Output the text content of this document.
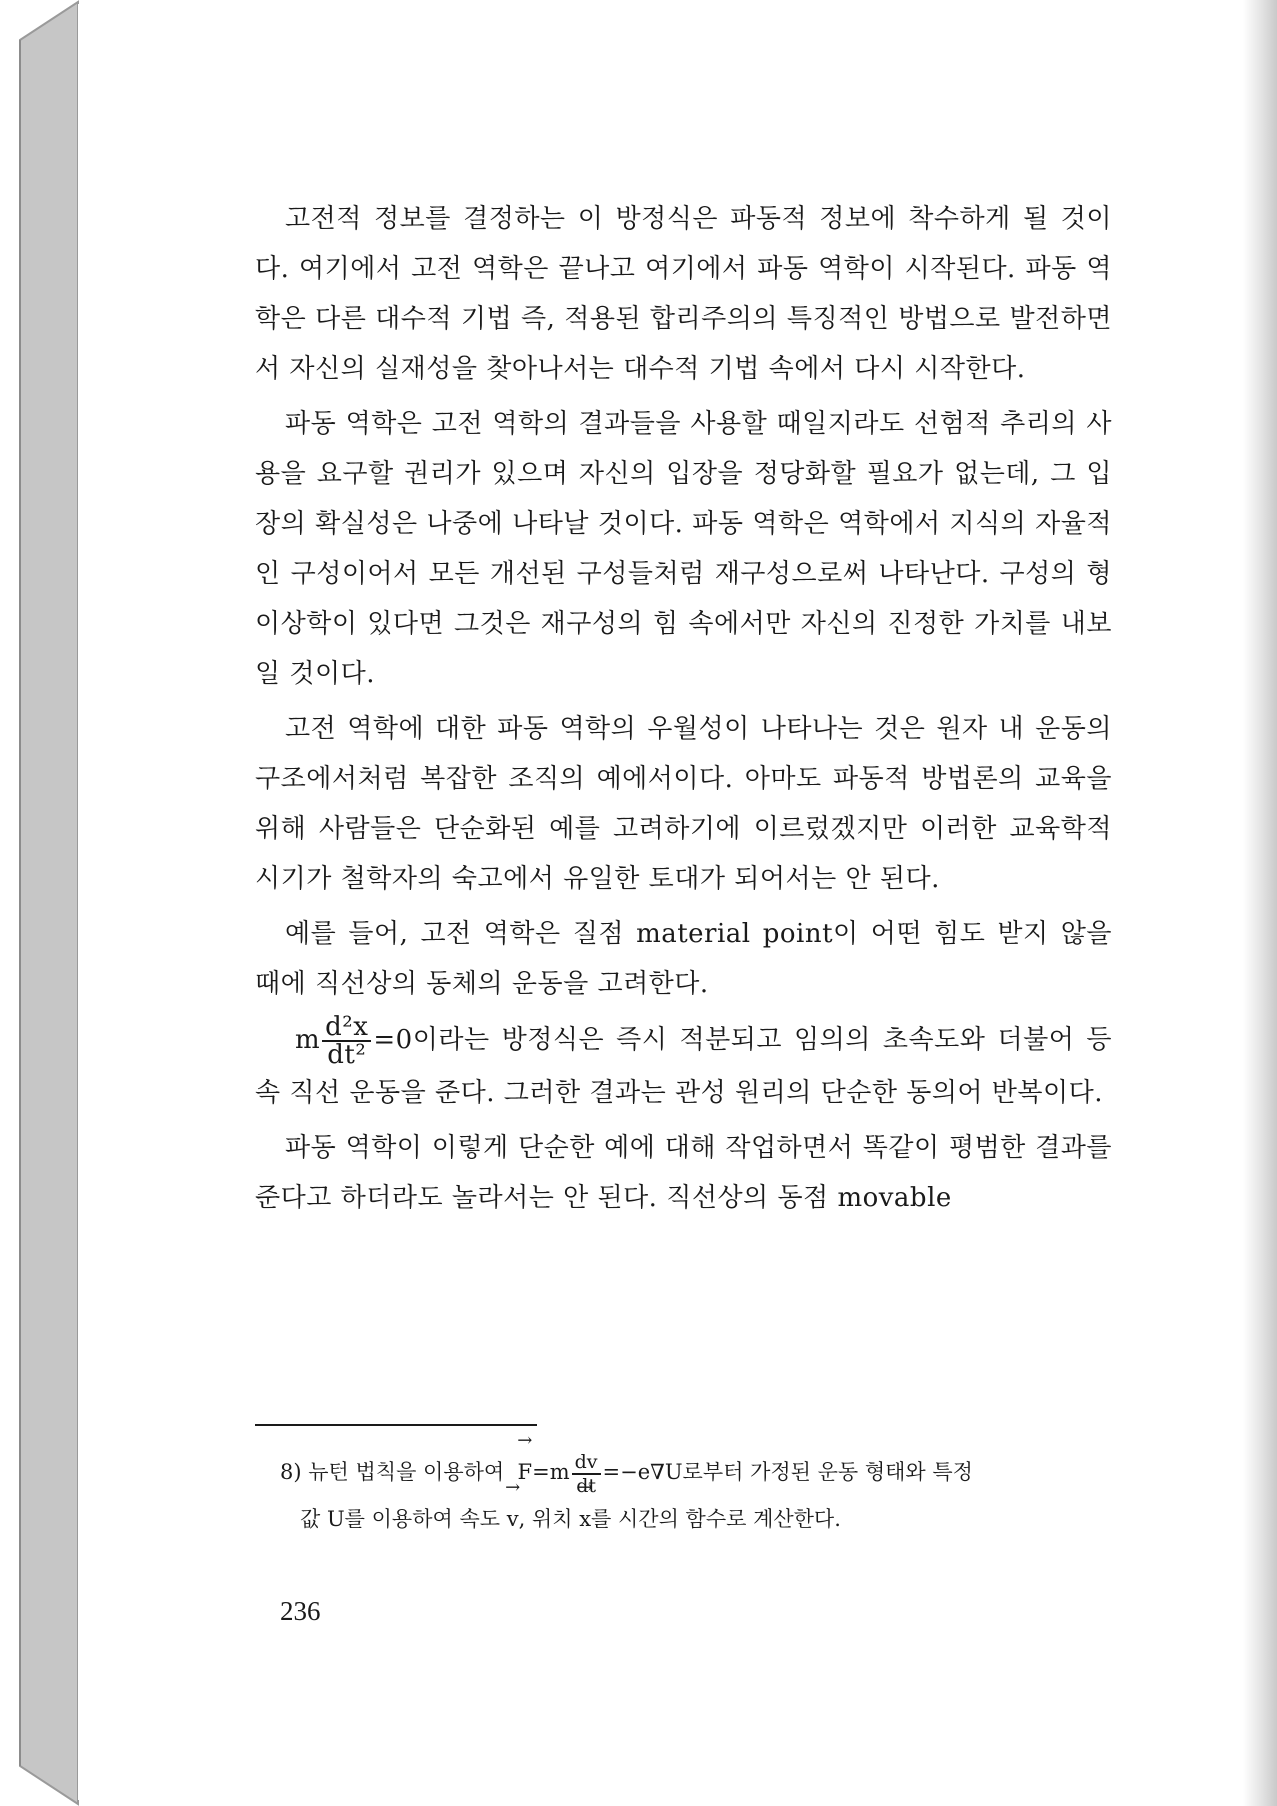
고전적 정보를 결정하는 이 방정식은 파동적 정보에 착수하게 될 것이다. 여기에서 고전 역학은 끝나고 여기에서 파동 역학이 시작된다. 파동 역학은 다른 대수적 기법 즉, 적용된 합리주의의 특징적인 방법으로 발전하면서 자신의 실재성을 찾아나서는 대수적 기법 속에서 다시 시작한다.

파동 역학은 고전 역학의 결과들을 사용할 때일지라도 선험적 추리의 사용을 요구할 권리가 있으며 자신의 입장을 정당화할 필요가 없는데, 그 입장의 확실성은 나중에 나타날 것이다. 파동 역학은 역학에서 지식의 자율적인 구성이어서 모든 개선된 구성들처럼 재구성으로써 나타난다. 구성의 형이상학이 있다면 그것은 재구성의 힘 속에서만 자신의 진정한 가치를 내보일 것이다.

고전 역학에 대한 파동 역학의 우월성이 나타나는 것은 원자 내 운동의 구조에서처럼 복잡한 조직의 예에서이다. 아마도 파동적 방법론의 교육을 위해 사람들은 단순화된 예를 고려하기에 이르렀겠지만 이러한 교육학적 시기가 철학자의 숙고에서 유일한 토대가 되어서는 안 된다.

예를 들어, 고전 역학은 질점 material point이 어떤 힘도 받지 않을 때에 직선상의 동체의 운동을 고려한다.

m $\frac{\text{d²x}}{\text{dt²}} =0$이라는 방정식은 즉시 적분되고 임의의 초속도와 더불어 등속 직선 운동을 준다. 그러한 결과는 관성 원리의 단순한 동의어 반복이다.

파동 역학이 이렇게 단순한 예에 대해 작업하면서 똑같이 평범한 결과를 준다고 하더라도 놀라서는 안 된다. 직선상의 동점 movable

8) 뉴턴 법칙을 이용하여 → $F=m \frac{dv}{dt} =-e\nabla U$로부터 가정된 운동 형태와 특정
값 U를 이용하여 속도 → v, 위치 → x를 시간의 함수로 계산한다.
236
